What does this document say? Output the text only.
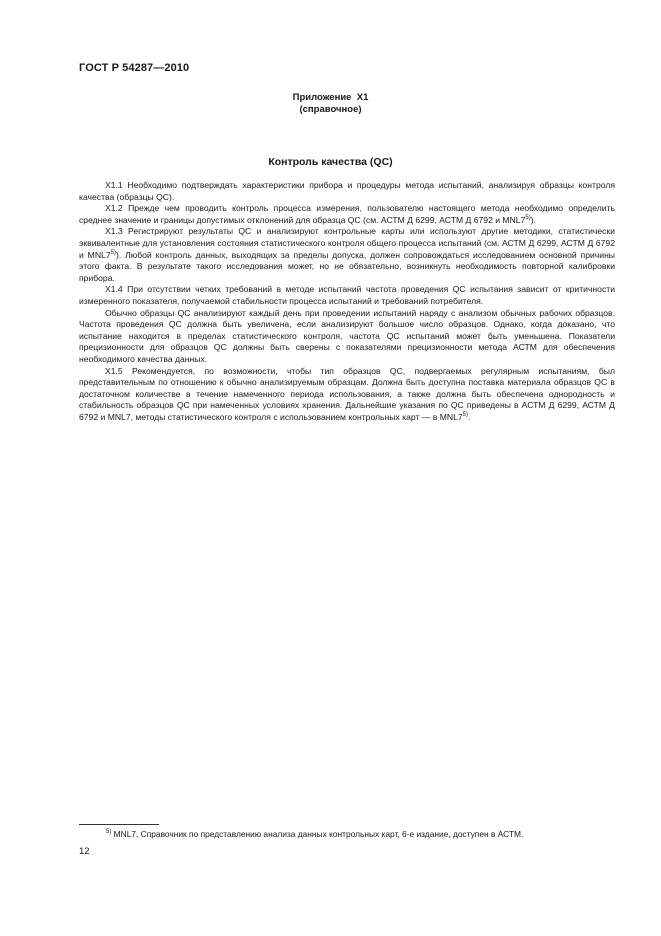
ГОСТ Р 54287—2010
Приложение  Х1
(справочное)
Контроль качества (QC)

Х1.1 Необходимо подтверждать характеристики прибора и процедуры метода испытаний, анализируя образцы контроля качества (образцы QC).

Х1.2 Прежде чем проводить контроль процесса измерения, пользователю настоящего метода необходимо определить среднее значение и границы допустимых отклонений для образца QC (см. АСТМ Д 6299, АСТМ Д 6792 и MNL7$^{5)}$).

Х1.3 Регистрируют результаты QC и анализируют контрольные карты или используют другие методики, статистически эквивалентные для установления состояния статистического контроля общего процесса испытаний (см. АСТМ Д 6299, АСТМ Д 6792 и MNL7$^{5)}$). Любой контроль данных, выходящих за пределы допуска, должен сопровождаться исследованием основной причины этого факта. В результате такого исследования может, но не обязательно, возникнуть необходимость повторной калибровки прибора.

Х1.4 При отсутствии четких требований в методе испытаний частота проведения QC испытания зависит от критичности измеренного показателя, получаемой стабильности процесса испытаний и требований потребителя.

Обычно образцы QC анализируют каждый день при проведении испытаний наряду с анализом обычных рабочих образцов. Частота проведения QC должна быть увеличена, если анализируют большое число образцов. Однако, когда доказано, что испытание находится в пределах статистического контроля, частота QC испытаний может быть уменьшена. Показатели прецизионности для образцов QC должны быть сверены с показателями прецизионности метода АСТМ для обеспечения необходимого качества данных.

Х1.5 Рекомендуется, по возможности, чтобы тип образцов QC, подвергаемых регулярным испытаниям, был представительным по отношению к обычно анализируемым образцам. Должна быть доступна поставка материала образцов QC в достаточном количестве в течение намеченного периода использования, а также должна быть обеспечена однородность и стабильность образцов QC при намеченных условиях хранения. Дальнейшие указания по QC приведены в АСТМ Д 6299, АСТМ Д 6792 и MNL7, методы статистического контроля с использованием контрольных карт — в MNL7$^{5)}$.

$^{5)}$ MNL7, Справочник по представлению анализа данных контрольных карт, 6-е издание, доступен в АСТМ.
12
